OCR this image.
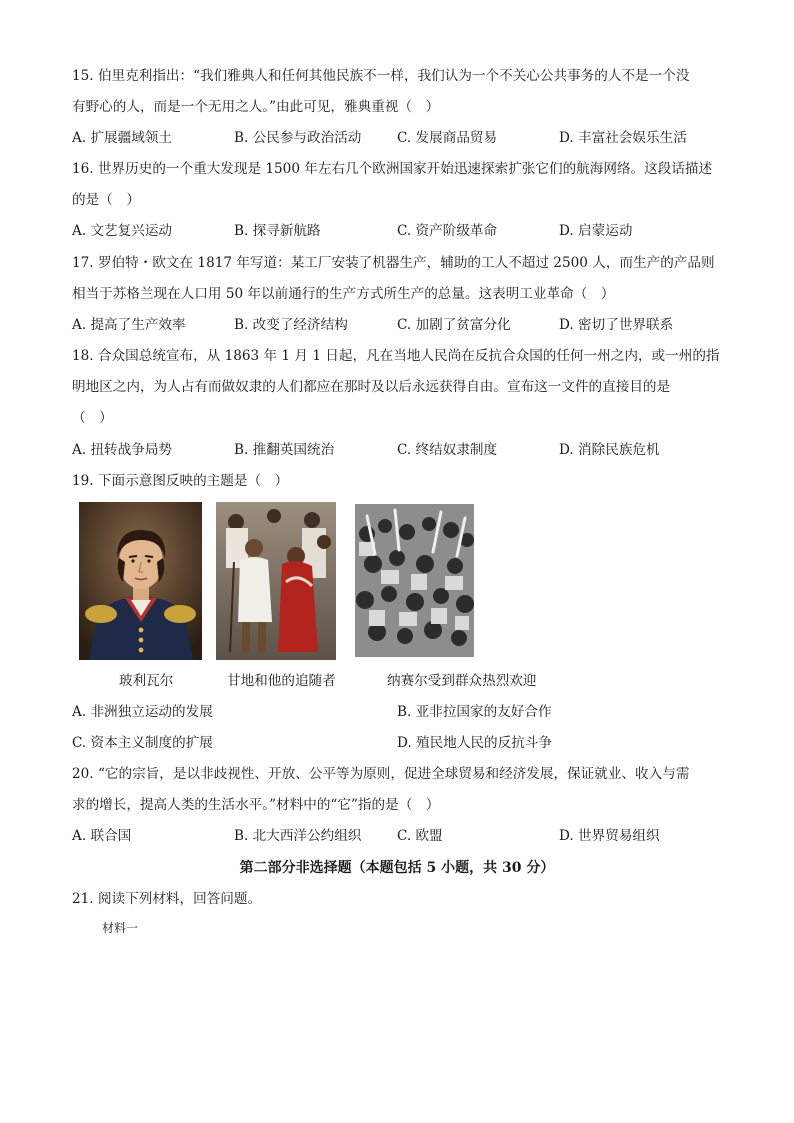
15. 伯里克利指出：“我们雅典人和任何其他民族不一样，我们认为一个不关心公共事务的人不是一个没
有野心的人，而是一个无用之人。”由此可见，雅典重视（　）
A. 扩展疆域领土	B. 公民参与政治活动	C. 发展商品贸易	D. 丰富社会娱乐生活
16. 世界历史的一个重大发现是 1500 年左右几个欧洲国家开始迅速探索扩张它们的航海网络。这段话描述
的是（　）
A. 文艺复兴运动	B. 探寻新航路	C. 资产阶级革命	D. 启蒙运动
17. 罗伯特・欧文在 1817 年写道：某工厂安装了机器生产，辅助的工人不超过 2500 人，而生产的产品则
相当于苏格兰现在人口用 50 年以前通行的生产方式所生产的总量。这表明工业革命（　）
A. 提高了生产效率	B. 改变了经济结构	C. 加剧了贫富分化	D. 密切了世界联系
18. 合众国总统宣布，从 1863 年 1 月 1 日起，凡在当地人民尚在反抗合众国的任何一州之内，或一州的指
明地区之内，为人占有而做奴隶的人们都应在那时及以后永远获得自由。宣布这一文件的直接目的是
（　）
A. 扭转战争局势	B. 推翻英国统治	C. 终结奴隶制度	D. 消除民族危机
19. 下面示意图反映的主题是（　）
玻利瓦尔	甘地和他的追随者	纳赛尔受到群众热烈欢迎
A. 非洲独立运动的发展	B. 亚非拉国家的友好合作
C. 资本主义制度的扩展	D. 殖民地人民的反抗斗争
20. “它的宗旨，是以非歧视性、开放、公平等为原则，促进全球贸易和经济发展，保证就业、收入与需
求的增长，提高人类的生活水平。”材料中的“它”指的是（　）
A. 联合国	B. 北大西洋公约组织	C. 欧盟	D. 世界贸易组织
第二部分非选择题（本题包括 5 小题，共 30 分）
21. 阅读下列材料，回答问题。
材料一
